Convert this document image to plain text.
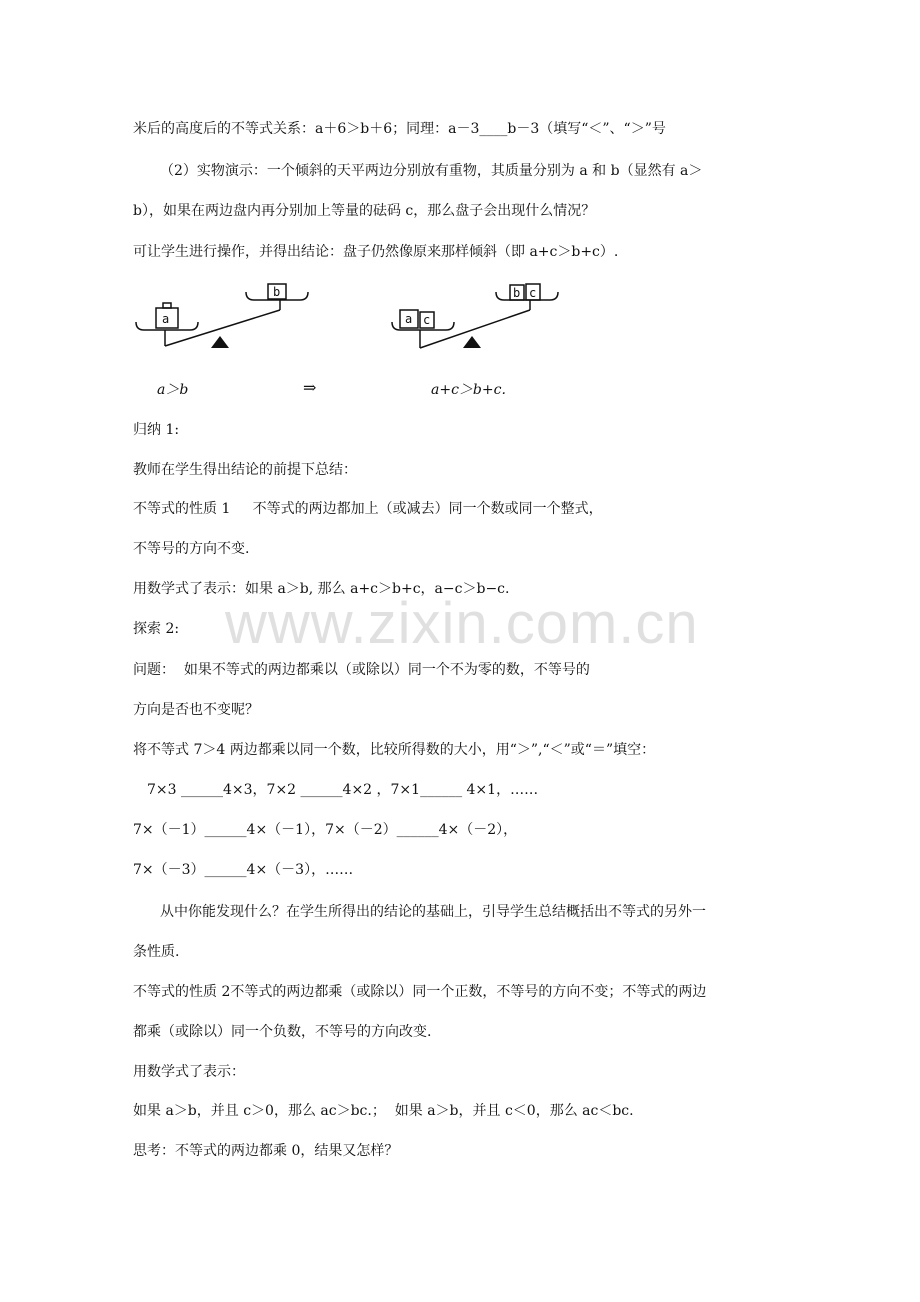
米后的高度后的不等式关系：a＋6＞b＋6；同理：a－3____b－3（填写“＜”、“＞”号
（2）实物演示：一个倾斜的天平两边分别放有重物，其质量分别为 a 和 b（显然有 a＞
b），如果在两边盘内再分别加上等量的砝码 c，那么盘子会出现什么情况？
可让学生进行操作，并得出结论：盘子仍然像原来那样倾斜（即 a+c＞b+c）.
a
b
a c
b c
a＞b	⇒	a+c＞b+c.
归纳 1:
教师在学生得出结论的前提下总结：
不等式的性质 1     不等式的两边都加上（或减去）同一个数或同一个整式，
不等号的方向不变.
用数学式了表示：如果 a＞b, 那么 a+c＞b+c，a−c＞b−c.
探索 2:
问题：  如果不等式的两边都乘以（或除以）同一个不为零的数，不等号的
方向是否也不变呢？
将不等式 7＞4 两边都乘以同一个数，比较所得数的大小，用“＞”,“＜”或“＝”填空：
7×3 ______4×3，7×2 ______4×2 ，7×1______ 4×1，……
7×（－1）______4×（－1），7×（－2）______4×（－2），
7×（－3）______4×（－3），……
从中你能发现什么？在学生所得出的结论的基础上，引导学生总结概括出不等式的另外一
条性质.
不等式的性质 2不等式的两边都乘（或除以）同一个正数，不等号的方向不变；不等式的两边
都乘（或除以）同一个负数，不等号的方向改变.
用数学式了表示：
如果 a＞b，并且 c＞0，那么 ac＞bc.；  如果 a＞b，并且 c＜0，那么 ac＜bc.
思考：不等式的两边都乘 0，结果又怎样？
www.zixin.com.cn
